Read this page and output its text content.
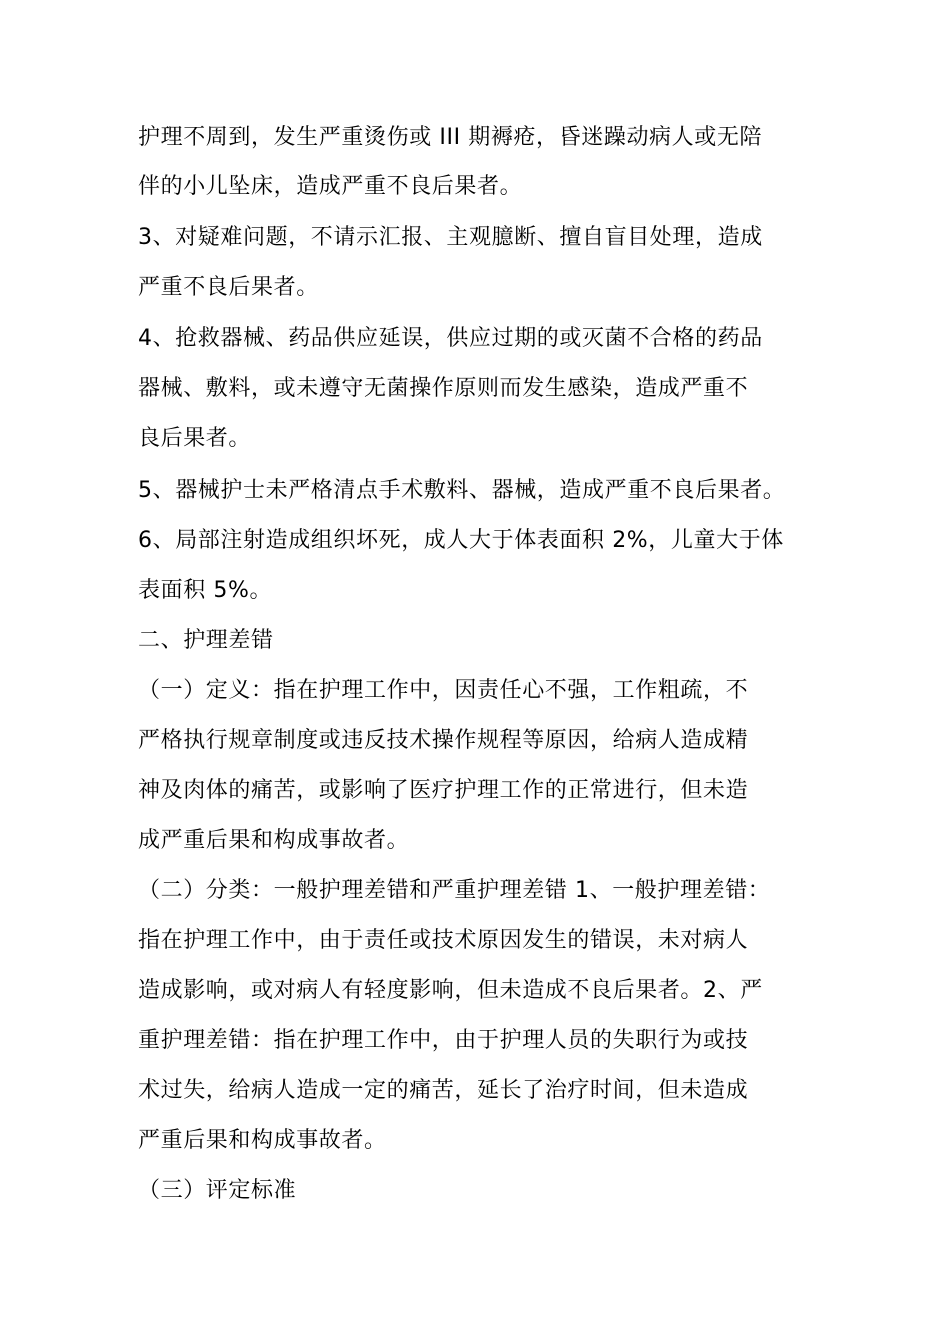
护理不周到，发生严重烫伤或 III 期褥疮，昏迷躁动病人或无陪
伴的小儿坠床，造成严重不良后果者。
3、对疑难问题，不请示汇报、主观臆断、擅自盲目处理，造成
严重不良后果者。
4、抢救器械、药品供应延误，供应过期的或灭菌不合格的药品
器械、敷料，或未遵守无菌操作原则而发生感染，造成严重不
良后果者。
5、器械护士未严格清点手术敷料、器械，造成严重不良后果者。
6、局部注射造成组织坏死，成人大于体表面积 2%，儿童大于体
表面积 5%。
二、护理差错
（一）定义：指在护理工作中，因责任心不强，工作粗疏，不
严格执行规章制度或违反技术操作规程等原因，给病人造成精
神及肉体的痛苦，或影响了医疗护理工作的正常进行，但未造
成严重后果和构成事故者。
（二）分类：一般护理差错和严重护理差错 1、一般护理差错：
指在护理工作中，由于责任或技术原因发生的错误，未对病人
造成影响，或对病人有轻度影响，但未造成不良后果者。2、严
重护理差错：指在护理工作中，由于护理人员的失职行为或技
术过失，给病人造成一定的痛苦，延长了治疗时间，但未造成
严重后果和构成事故者。
（三）评定标准
